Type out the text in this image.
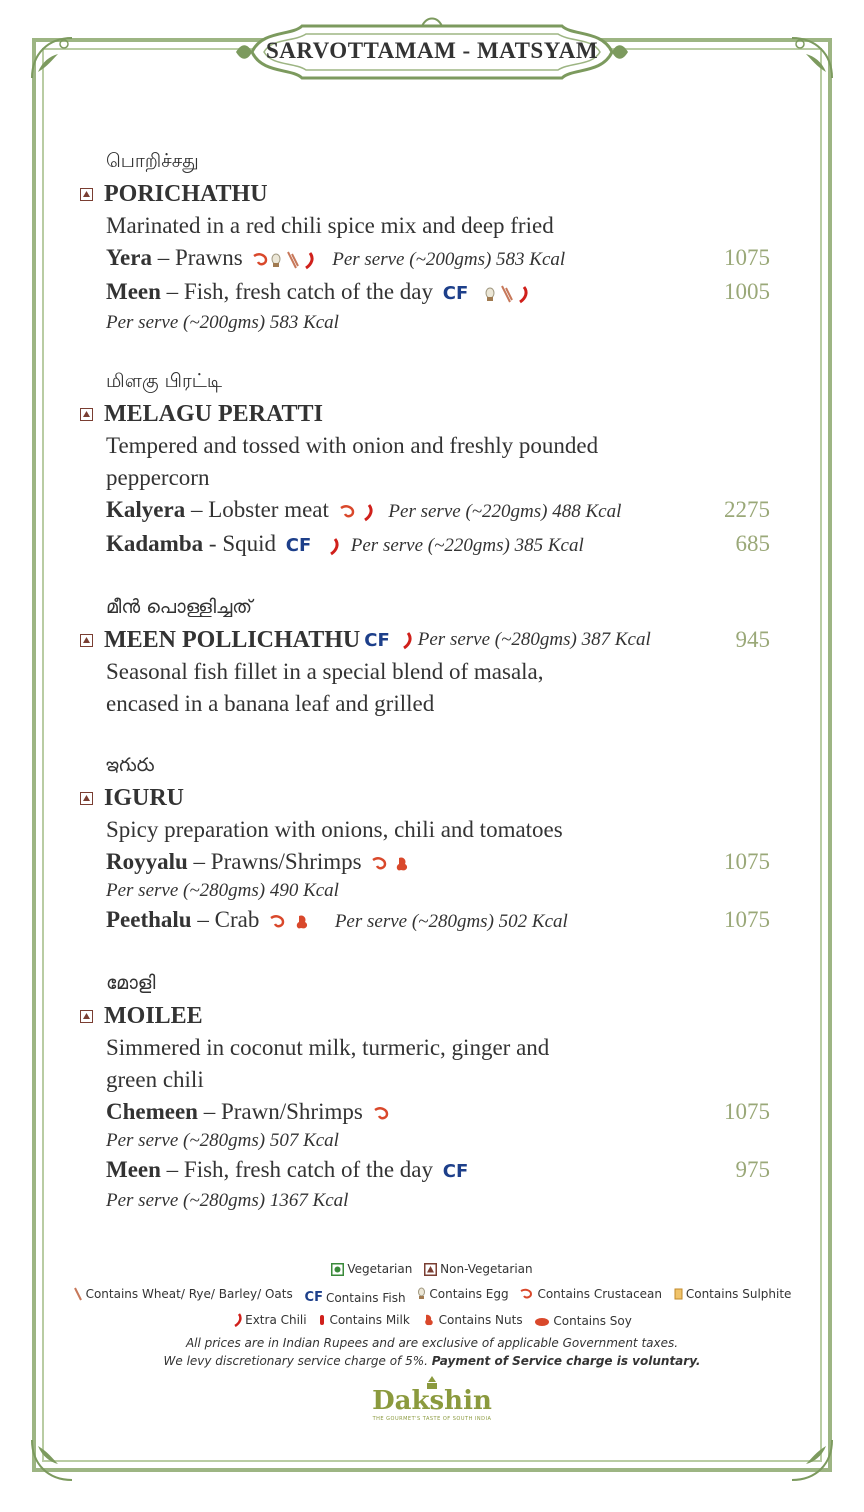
SARVOTTAMAM - MATSYAM
பொறிச்சது
PORICHATHU
Marinated in a red chili spice mix and deep fried
Yera – Prawns	Per serve (~200gms) 583 Kcal	1075
Meen – Fish, fresh catch of the day CF	1005
Per serve (~200gms) 583 Kcal
மிளகு பிரட்டி
MELAGU PERATTI
Tempered and tossed with onion and freshly pounded
peppercorn
Kalyera – Lobster meat	Per serve (~220gms) 488 Kcal	2275
Kadamba - Squid CF Per serve (~220gms) 385 Kcal	685
മീൻ പൊള്ളിച്ചത്
MEEN POLLICHATHU CF Per serve (~280gms) 387 Kcal	945
Seasonal fish fillet in a special blend of masala,
encased in a banana leaf and grilled
ఇగురు
IGURU
Spicy preparation with onions, chili and tomatoes
Royyalu – Prawns/Shrimps	1075
Per serve (~280gms) 490 Kcal
Peethalu – Crab	Per serve (~280gms) 502 Kcal	1075
മോളി
MOILEE
Simmered in coconut milk, turmeric, ginger and
green chili
Chemeen – Prawn/Shrimps	1075
Per serve (~280gms) 507 Kcal
Meen – Fish, fresh catch of the day CF	975
Per serve (~280gms) 1367 Kcal
Vegetarian
Non-Vegetarian
Contains Wheat/ Rye/ Barley/ Oats
CF Contains Fish
Contains Egg
Contains Crustacean
Contains Sulphite
Extra Chili
Contains Milk
Contains Nuts
	Contains Soy
All prices are in Indian Rupees and are exclusive of applicable Government taxes.
We levy discretionary service charge of 5%. Payment of Service charge is voluntary.
Dakshin
THE GOURMET'S TASTE OF SOUTH INDIA
